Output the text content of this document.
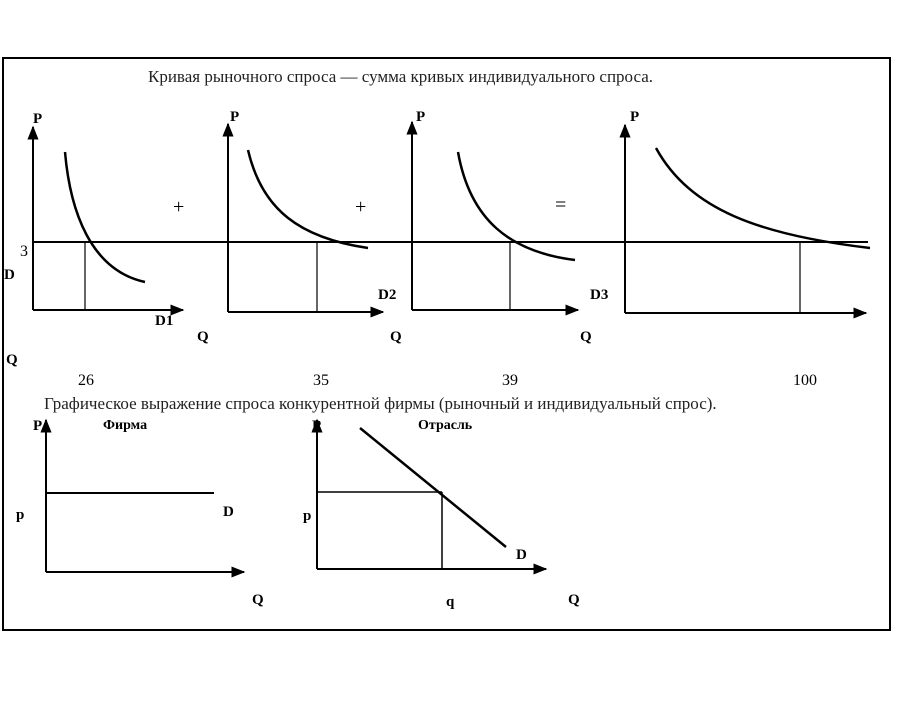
Кривая рыночного спроса — сумма кривых индивидуального спроса.
Графическое выражение спроса конкурентной фирмы (рыночный и индивидуальный спрос).
P	P	P	P
Q
Q	Q	Q
3
+	+	=
D
D1
D2	D3
26	35	39	100
P	Фирма
p	D
Q
P	Отрасль
p
q
D
Q
